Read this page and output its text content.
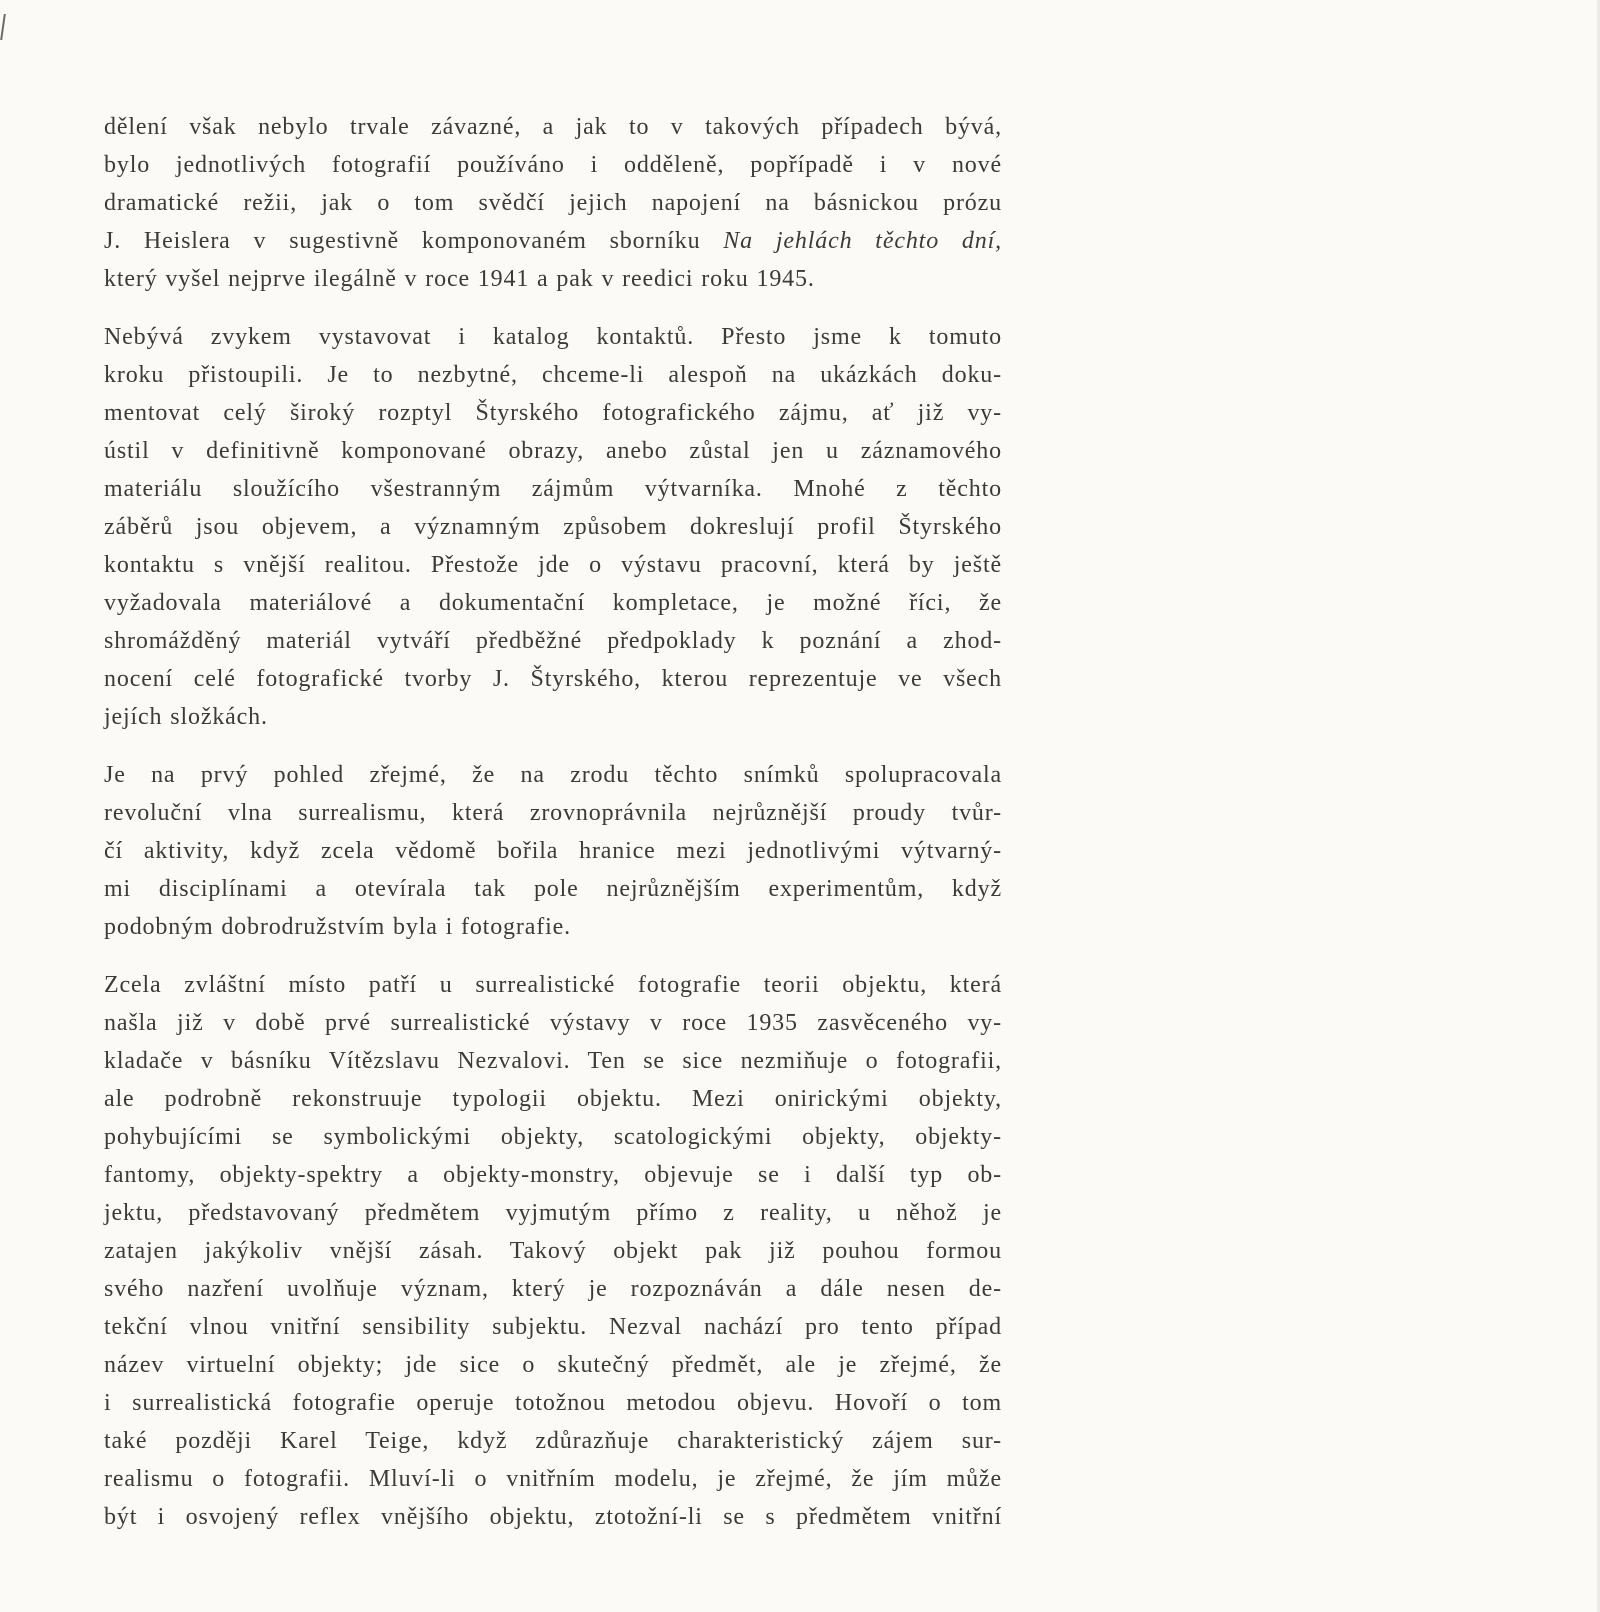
dělení však nebylo trvale závazné, a jak to v takových případech bývá,
bylo jednotlivých fotografií používáno i odděleně, popřípadě i v nové
dramatické režii, jak o tom svědčí jejich napojení na básnickou prózu
J. Heislera v sugestivně komponovaném sborníku Na jehlách těchto dní,
který vyšel nejprve ilegálně v roce 1941 a pak v reedici roku 1945.

Nebývá zvykem vystavovat i katalog kontaktů. Přesto jsme k tomuto
kroku přistoupili. Je to nezbytné, chceme-li alespoň na ukázkách doku-
mentovat celý široký rozptyl Štyrského fotografického zájmu, ať již vy-
ústil v definitivně komponované obrazy, anebo zůstal jen u záznamového
materiálu sloužícího všestranným zájmům výtvarníka. Mnohé z těchto
záběrů jsou objevem, a významným způsobem dokreslují profil Štyrského
kontaktu s vnější realitou. Přestože jde o výstavu pracovní, která by ještě
vyžadovala materiálové a dokumentační kompletace, je možné říci, že
shromážděný materiál vytváří předběžné předpoklady k poznání a zhod-
nocení celé fotografické tvorby J. Štyrského, kterou reprezentuje ve všech
jejích složkách.

Je na prvý pohled zřejmé, že na zrodu těchto snímků spolupracovala
revoluční vlna surrealismu, která zrovnoprávnila nejrůznější proudy tvůr-
čí aktivity, když zcela vědomě bořila hranice mezi jednotlivými výtvarný-
mi disciplínami a otevírala tak pole nejrůznějším experimentům, když
podobným dobrodružstvím byla i fotografie.

Zcela zvláštní místo patří u surrealistické fotografie teorii objektu, která
našla již v době prvé surrealistické výstavy v roce 1935 zasvěceného vy-
kladače v básníku Vítězslavu Nezvalovi. Ten se sice nezmiňuje o fotografii,
ale podrobně rekonstruuje typologii objektu. Mezi onirickými objekty,
pohybujícími se symbolickými objekty, scatologickými objekty, objekty-
fantomy, objekty-spektry a objekty-monstry, objevuje se i další typ ob-
jektu, představovaný předmětem vyjmutým přímo z reality, u něhož je
zatajen jakýkoliv vnější zásah. Takový objekt pak již pouhou formou
svého nazření uvolňuje význam, který je rozpoznáván a dále nesen de-
tekční vlnou vnitřní sensibility subjektu. Nezval nachází pro tento případ
název virtuelní objekty; jde sice o skutečný předmět, ale je zřejmé, že
i surrealistická fotografie operuje totožnou metodou objevu. Hovoří o tom
také později Karel Teige, když zdůrazňuje charakteristický zájem sur-
realismu o fotografii. Mluví-li o vnitřním modelu, je zřejmé, že jím může
být i osvojený reflex vnějšího objektu, ztotožní-li se s předmětem vnitřní
